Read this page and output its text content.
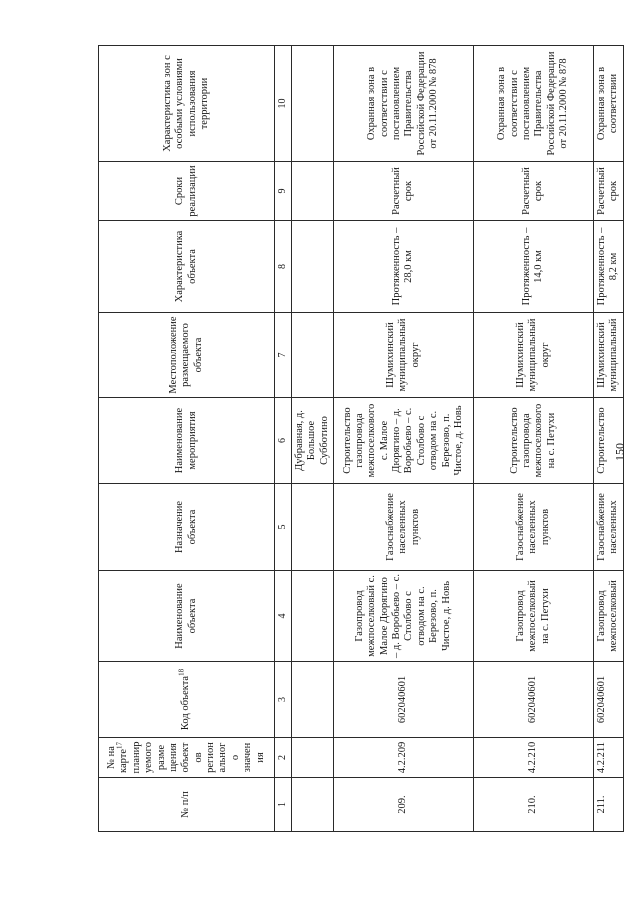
150
№ п/п	№ на карте$^{17}$ планируемого размещения объектов регионального значения	Код объекта$^{18}$	Наименование объекта	Назначение объекта	Наименование мероприятия	Местоположение размещаемого объекта	Характеристика объекта	Сроки реализации	Характеристика зон с особыми условиями использования территории
1	2	3	4	5	6	7	8	9	10
					Дубравная, д. Большое Субботино				
209.	4.2.209	602040601	Газопровод межпоселковый с. Малое Дюрягино – д. Воробьево – с. Столбово с отводом на с. Березово, п. Чистое, д. Новь	Газоснабжение населенных пунктов	Строительство газопровода межпоселкового с. Малое Дюрягино – д. Воробьево – с. Столбово с отводом на с. Березово, п. Чистое, д. Новь	Шумихинский муниципальный округ	Протяженность – 28,0 км	Расчетный срок	Охранная зона в соответствии с постановлением Правительства Российской Федерации от 20.11.2000 № 878
210.	4.2.210	602040601	Газопровод межпоселковый на с. Петухи	Газоснабжение населенных пунктов	Строительство газопровода межпоселкового на с. Петухи	Шумихинский муниципальный округ	Протяженность – 14,0 км	Расчетный срок	Охранная зона в соответствии с постановлением Правительства Российской Федерации от 20.11.2000 № 878
211.	4.2.211	602040601	Газопровод межпоселковый	Газоснабжение населенных	Строительство	Шумихинский муниципальный	Протяженность – 8,2 км	Расчетный срок	Охранная зона в соответствии
